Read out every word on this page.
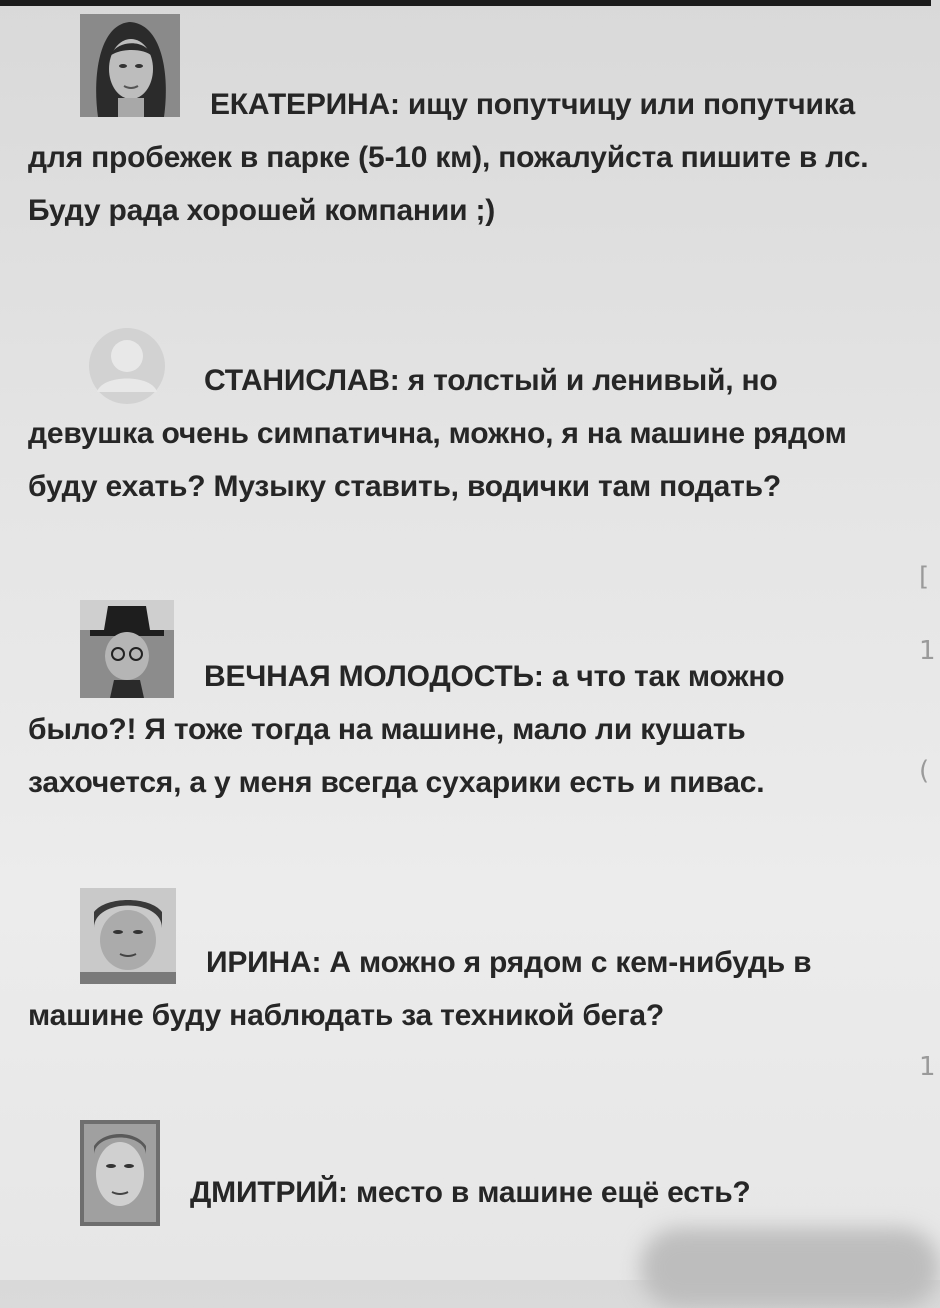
ЕКАТЕРИНА : ищу попутчицу или попутчика для пробежек в парке (5-10 км), пожалуйста пишите в лс. Буду рада хорошей компании ;)

СТАНИСЛАВ : я толстый и ленивый, но девушка очень симпатична, можно, я на машине рядом буду ехать? Музыку ставить, водички там подать?

ВЕЧНАЯ МОЛОДОСТЬ : а что так можно было?! Я тоже тогда на машине, мало ли кушать захочется, а у меня всегда сухарики есть и пивас.

ИРИНА : А можно я рядом с кем-нибудь в машине буду наблюдать за техникой бега?

ДМИТРИЙ : место в машине ещё есть?

[
1
(
1
